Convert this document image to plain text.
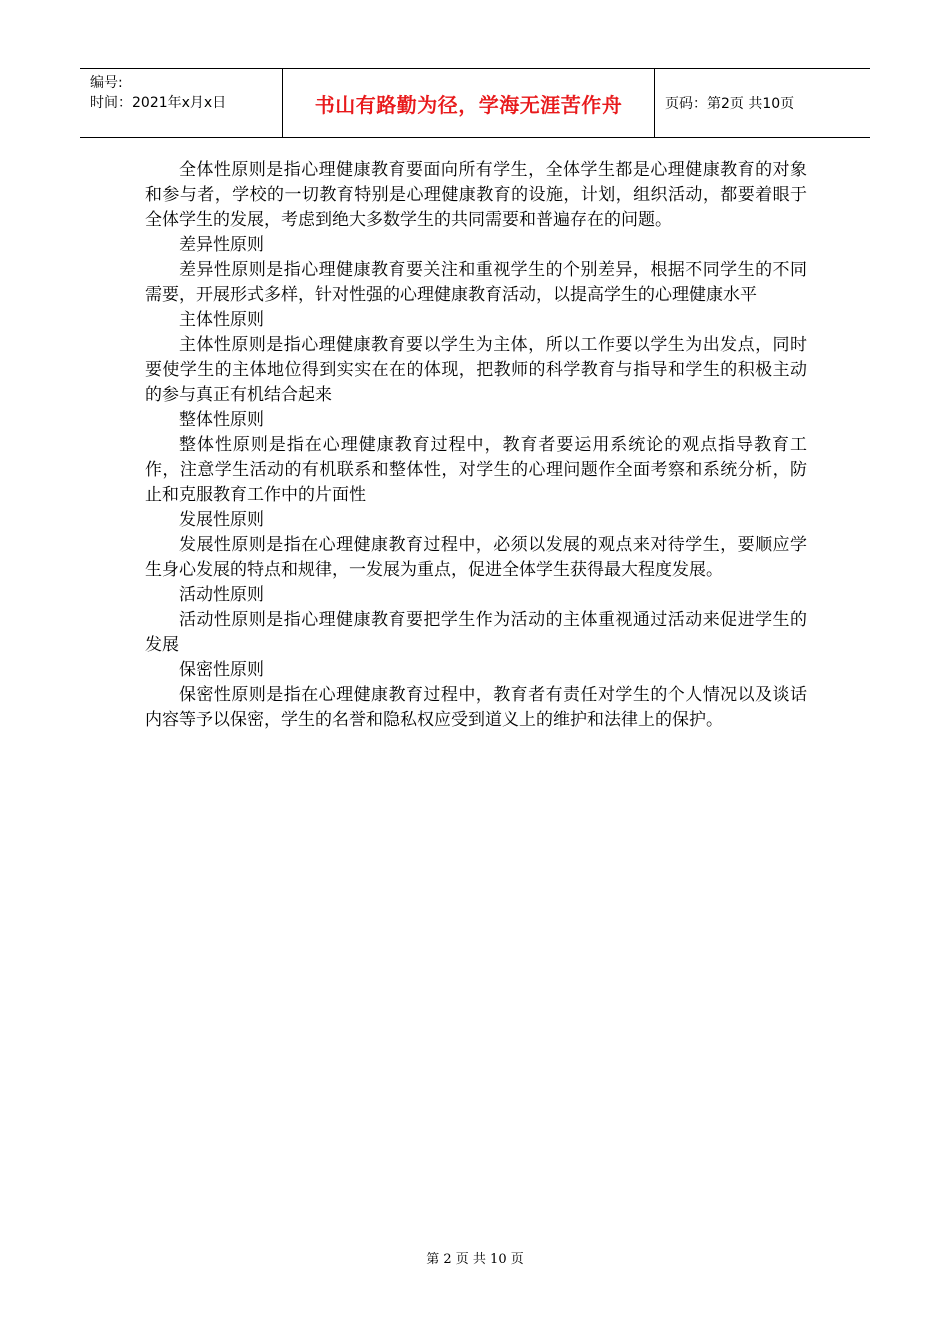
编号:
时间：2021年x月x日	书山有路勤为径，学海无涯苦作舟	页码：第2页 共10页

全体性原则是指心理健康教育要面向所有学生，全体学生都是心理健康教育的对象和参与者，学校的一切教育特别是心理健康教育的设施，计划，组织活动，都要着眼于全体学生的发展，考虑到绝大多数学生的共同需要和普遍存在的问题。

差异性原则

差异性原则是指心理健康教育要关注和重视学生的个别差异，根据不同学生的不同需要，开展形式多样，针对性强的心理健康教育活动，以提高学生的心理健康水平

主体性原则

主体性原则是指心理健康教育要以学生为主体，所以工作要以学生为出发点，同时要使学生的主体地位得到实实在在的体现，把教师的科学教育与指导和学生的积极主动的参与真正有机结合起来

整体性原则

整体性原则是指在心理健康教育过程中，教育者要运用系统论的观点指导教育工作，注意学生活动的有机联系和整体性，对学生的心理问题作全面考察和系统分析，防止和克服教育工作中的片面性

发展性原则

发展性原则是指在心理健康教育过程中，必须以发展的观点来对待学生，要顺应学生身心发展的特点和规律，一发展为重点，促进全体学生获得最大程度发展。

活动性原则

活动性原则是指心理健康教育要把学生作为活动的主体重视通过活动来促进学生的发展

保密性原则

保密性原则是指在心理健康教育过程中，教育者有责任对学生的个人情况以及谈话内容等予以保密，学生的名誉和隐私权应受到道义上的维护和法律上的保护。

第 2 页 共 10 页
